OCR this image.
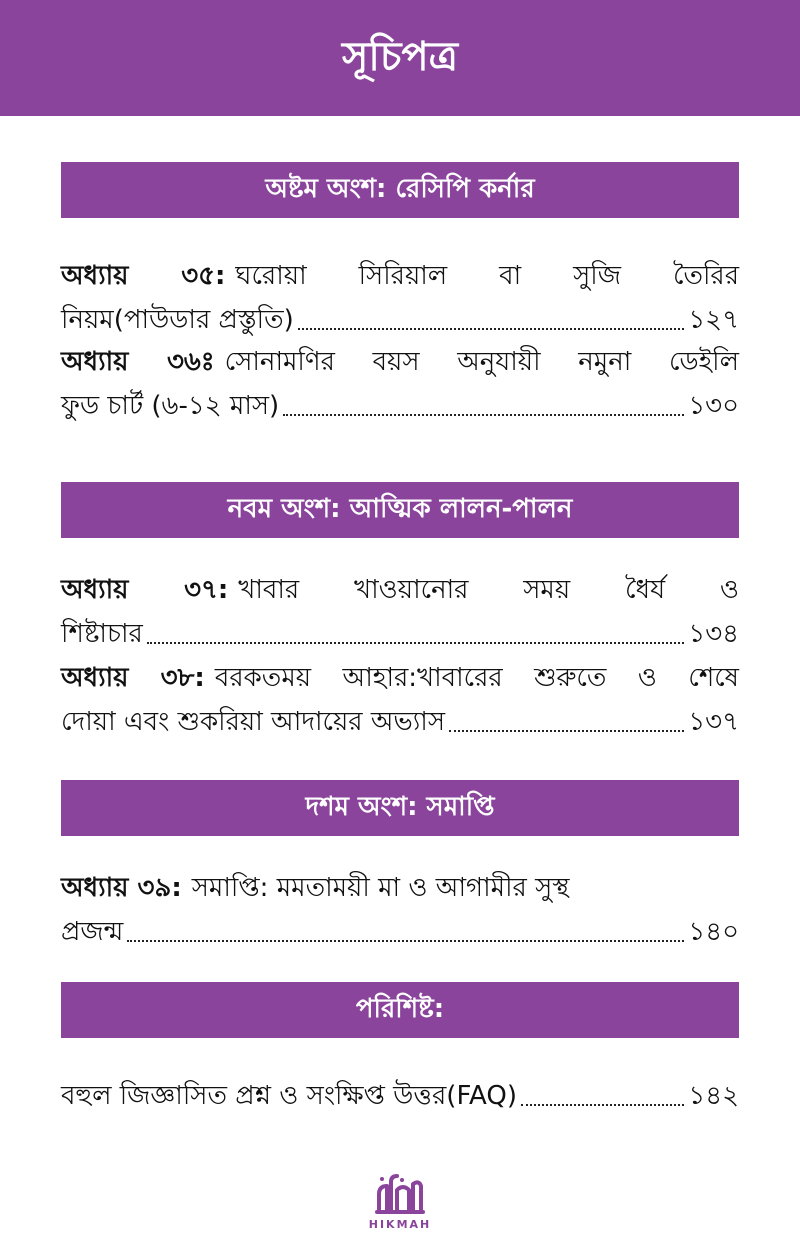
সূচিপত্র
অষ্টম অংশ: রেসিপি কর্নার
অধ্যায় ৩৫: ঘরোয়া সিরিয়াল বা সুজি তৈরির
নিয়ম(পাউডার প্রস্তুতি)	১২৭
অধ্যায় ৩৬ঃ সোনামণির বয়স অনুযায়ী নমুনা ডেইলি
ফুড চার্ট (৬-১২ মাস)	১৩০
নবম অংশ: আত্মিক লালন-পালন
অধ্যায় ৩৭: খাবার খাওয়ানোর সময় ধৈর্য ও
শিষ্টাচার	১৩৪
অধ্যায় ৩৮: বরকতময় আহার:খাবারের শুরুতে ও শেষে
দোয়া এবং শুকরিয়া আদায়ের অভ্যাস	১৩৭
দশম অংশ: সমাপ্তি
অধ্যায় ৩৯: সমাপ্তি: মমতাময়ী মা ও আগামীর সুস্থ
প্রজন্ম	১৪০
পরিশিষ্ট:
বহুল জিজ্ঞাসিত প্রশ্ন ও সংক্ষিপ্ত উত্তর(FAQ)	১৪২
HIKMAH
